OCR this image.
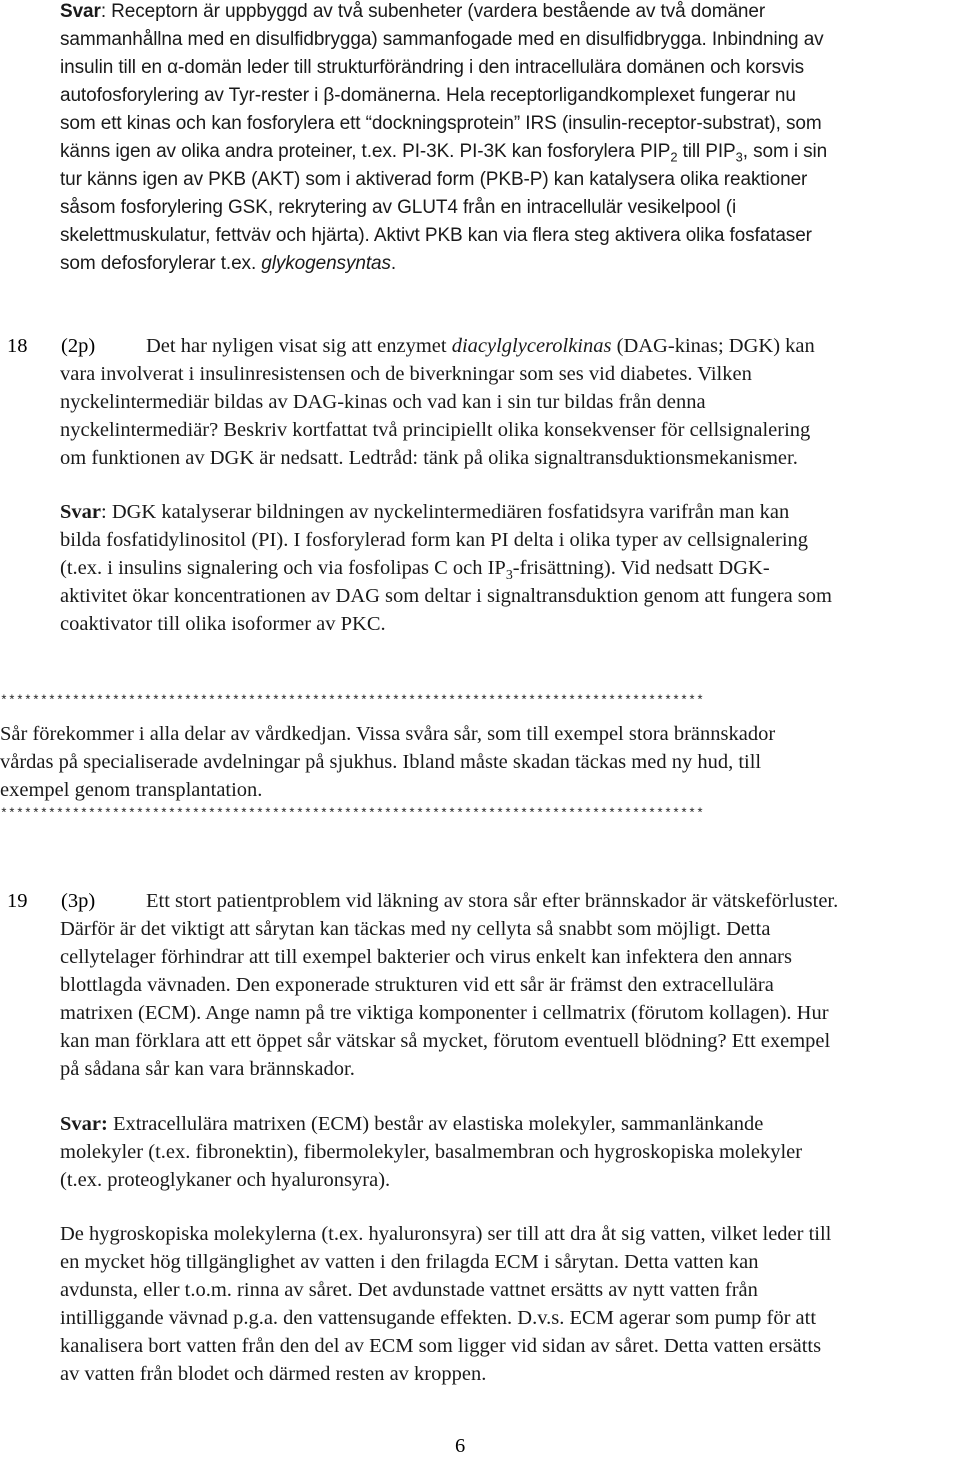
Svar: Receptorn är uppbyggd av två subenheter (vardera bestående av två domäner
sammanhållna med en disulfidbrygga) sammanfogade med en disulfidbrygga. Inbindning av
insulin till en α-domän leder till strukturförändring i den intracellulära domänen och korsvis
autofosforylering av Tyr-rester i β-domänerna. Hela receptorligandkomplexet fungerar nu
som ett kinas och kan fosforylera ett “dockningsprotein” IRS (insulin-receptor-substrat), som
känns igen av olika andra proteiner, t.ex. PI-3K. PI-3K kan fosforylera $PIP_2$ till $PIP_3$, som i sin
tur känns igen av PKB (AKT) som i aktiverad form (PKB-P) kan katalysera olika reaktioner
såsom fosforylering GSK, rekrytering av GLUT4 från en intracellulär vesikelpool (i
skelettmuskulatur, fettväv och hjärta). Aktivt PKB kan via flera steg aktivera olika fosfataser
som defosforylerar t.ex. glykogensyntas.
18 (2p)	Det har nyligen visat sig att enzymet diacylglycerolkinas (DAG-kinas; DGK) kan
vara involverat i insulinresistensen och de biverkningar som ses vid diabetes. Vilken
nyckelintermediär bildas av DAG-kinas och vad kan i sin tur bildas från denna
nyckelintermediär? Beskriv kortfattat två principiellt olika konsekvenser för cellsignalering
om funktionen av DGK är nedsatt. Ledtråd: tänk på olika signaltransduktionsmekanismer.
Svar: DGK katalyserar bildningen av nyckelintermediären fosfatidsyra varifrån man kan
bilda fosfatidylinositol (PI). I fosforylerad form kan PI delta i olika typer av cellsignalering
(t.ex. i insulins signalering och via fosfolipas C och $IP_3-frisättning$). Vid nedsatt DGK-
aktivitet ökar koncentrationen av DAG som deltar i signaltransduktion genom att fungera som
coaktivator till olika isoformer av PKC.
****************************************************************************************
Sår förekommer i alla delar av vårdkedjan. Vissa svåra sår, som till exempel stora brännskador
vårdas på specialiserade avdelningar på sjukhus. Ibland måste skadan täckas med ny hud, till
exempel genom transplantation.
****************************************************************************************
19 (3p)	Ett stort patientproblem vid läkning av stora sår efter brännskador är vätskeförluster.
Därför är det viktigt att sårytan kan täckas med ny cellyta så snabbt som möjligt. Detta
cellytelager förhindrar att till exempel bakterier och virus enkelt kan infektera den annars
blottlagda vävnaden. Den exponerade strukturen vid ett sår är främst den extracellulära
matrixen (ECM). Ange namn på tre viktiga komponenter i cellmatrix (förutom kollagen). Hur
kan man förklara att ett öppet sår vätskar så mycket, förutom eventuell blödning? Ett exempel
på sådana sår kan vara brännskador.
Svar: Extracellulära matrixen (ECM) består av elastiska molekyler, sammanlänkande
molekyler (t.ex. fibronektin), fibermolekyler, basalmembran och hygroskopiska molekyler
(t.ex. proteoglykaner och hyaluronsyra).
De hygroskopiska molekylerna (t.ex. hyaluronsyra) ser till att dra åt sig vatten, vilket leder till
en mycket hög tillgänglighet av vatten i den frilagda ECM i sårytan. Detta vatten kan
avdunsta, eller t.o.m. rinna av såret. Det avdunstade vattnet ersätts av nytt vatten från
intilliggande vävnad p.g.a. den vattensugande effekten. D.v.s. ECM agerar som pump för att
kanalisera bort vatten från den del av ECM som ligger vid sidan av såret. Detta vatten ersätts
av vatten från blodet och därmed resten av kroppen.
6
